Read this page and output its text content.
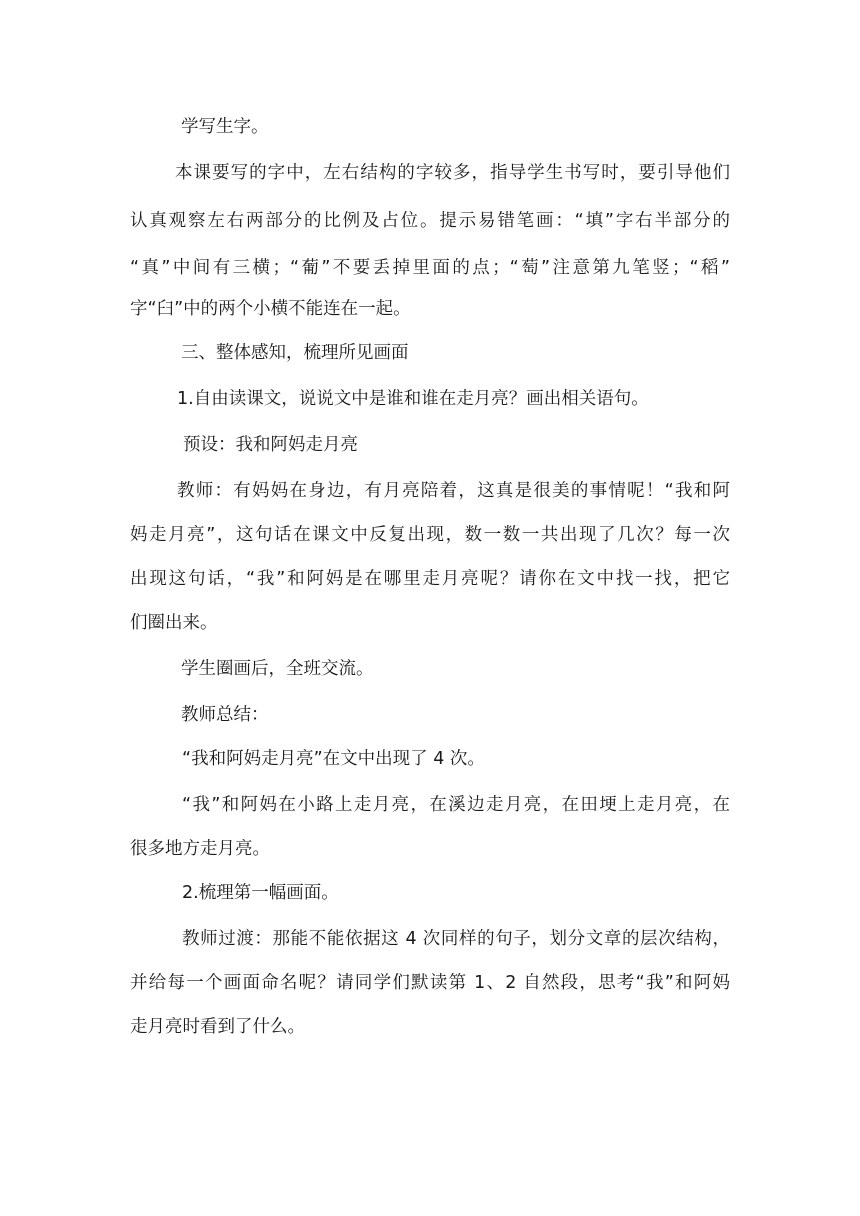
学写生字。

本课要写的字中，左右结构的字较多，指导学生书写时，要引导他们

认真观察左右两部分的比例及占位。提示易错笔画：“填”字右半部分的

“真”中间有三横；“葡”不要丢掉里面的点；“萄”注意第九笔竖；“稻”

字“臼”中的两个小横不能连在一起。

三、整体感知，梳理所见画面

1.自由读课文，说说文中是谁和谁在走月亮？画出相关语句。

预设：我和阿妈走月亮

教师：有妈妈在身边，有月亮陪着，这真是很美的事情呢！“我和阿

妈走月亮”，这句话在课文中反复出现，数一数一共出现了几次？每一次

出现这句话，“我”和阿妈是在哪里走月亮呢？请你在文中找一找，把它

们圈出来。

学生圈画后，全班交流。

教师总结：

“我和阿妈走月亮”在文中出现了 4 次。

“我”和阿妈在小路上走月亮，在溪边走月亮，在田埂上走月亮，在

很多地方走月亮。

2.梳理第一幅画面。

教师过渡：那能不能依据这 4 次同样的句子，划分文章的层次结构，

并给每一个画面命名呢？请同学们默读第 1、2 自然段，思考“我”和阿妈

走月亮时看到了什么。
